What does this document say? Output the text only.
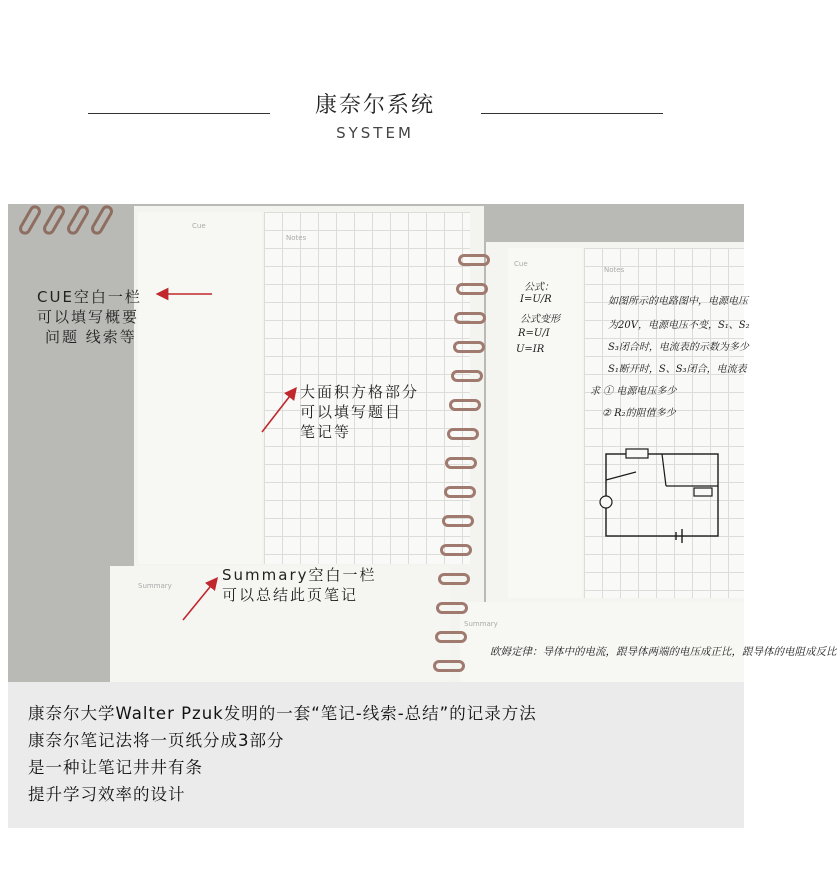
康奈尔系统
SYSTEM
Cue
Notes
Summary
Cue
Notes
Summary
公式：
I=U/R
公式变形
R=U/I
U=IR
如图所示的电路图中，电源电压
为20V，电源电压不变，S₁、S₂
S₃闭合时，电流表的示数为多少
S₁断开时，S、S₃闭合，电流表
求 ① 电源电压多少
② R₂的阻值多少
欧姆定律：导体中的电流，跟导体两端的电压成正比，跟导体的电阻成反比
CUE空白一栏
可以填写概要
问题 线索等
大面积方格部分
可以填写题目
笔记等
Summary空白一栏
可以总结此页笔记
康奈尔大学Walter Pzuk发明的一套“笔记-线索-总结”的记录方法
康奈尔笔记法将一页纸分成3部分
是一种让笔记井井有条
提升学习效率的设计
